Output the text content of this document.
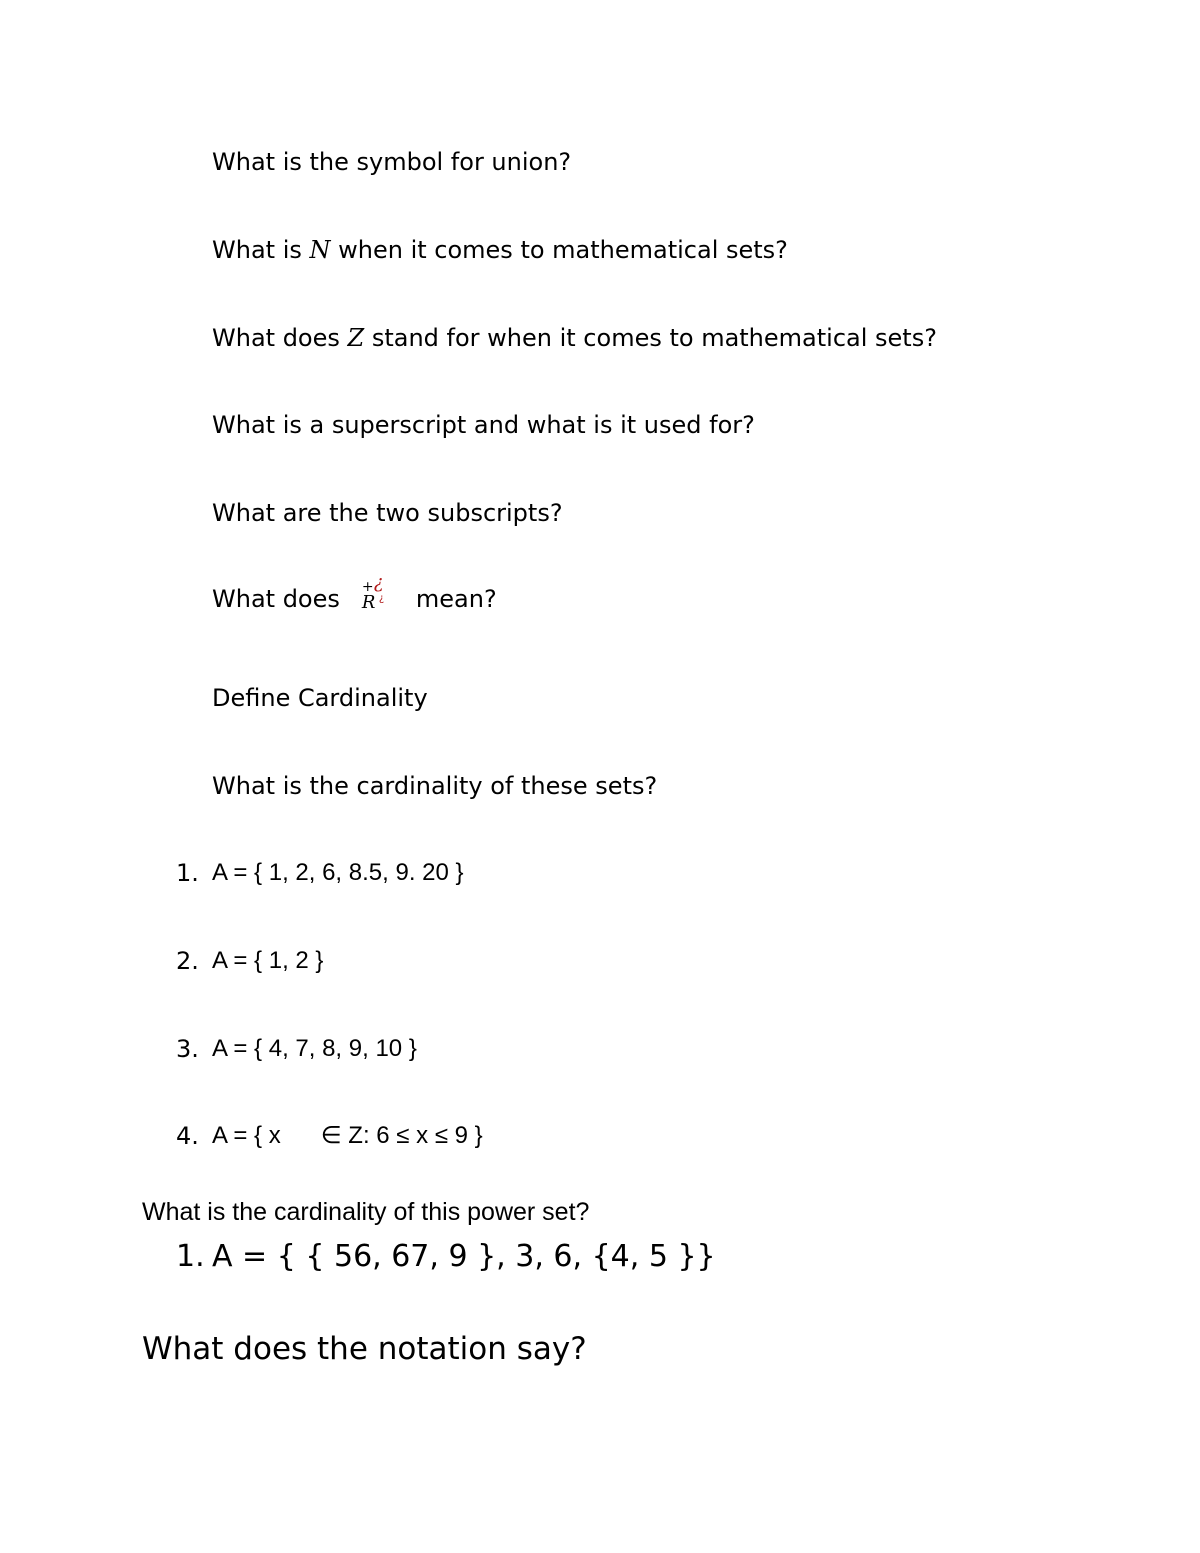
What is the symbol for union?
What is N when it comes to mathematical sets?
What does Z stand for when it comes to mathematical sets?
What is a superscript and what is it used for?
What are the two subscripts?
What does + ¿
R ¿ mean?
Define Cardinality
What is the cardinality of these sets?
1. A = { 1, 2, 6, 8.5, 9. 20 }
2. A = { 1, 2 }
3. A = { 4, 7, 8, 9, 10 }
4. A = { x ∈ Z: 6 ≤ x ≤ 9 }
What is the cardinality of this power set?
1. A = { { 56, 67, 9 }, 3, 6, {4, 5 }}
What does the notation say?
